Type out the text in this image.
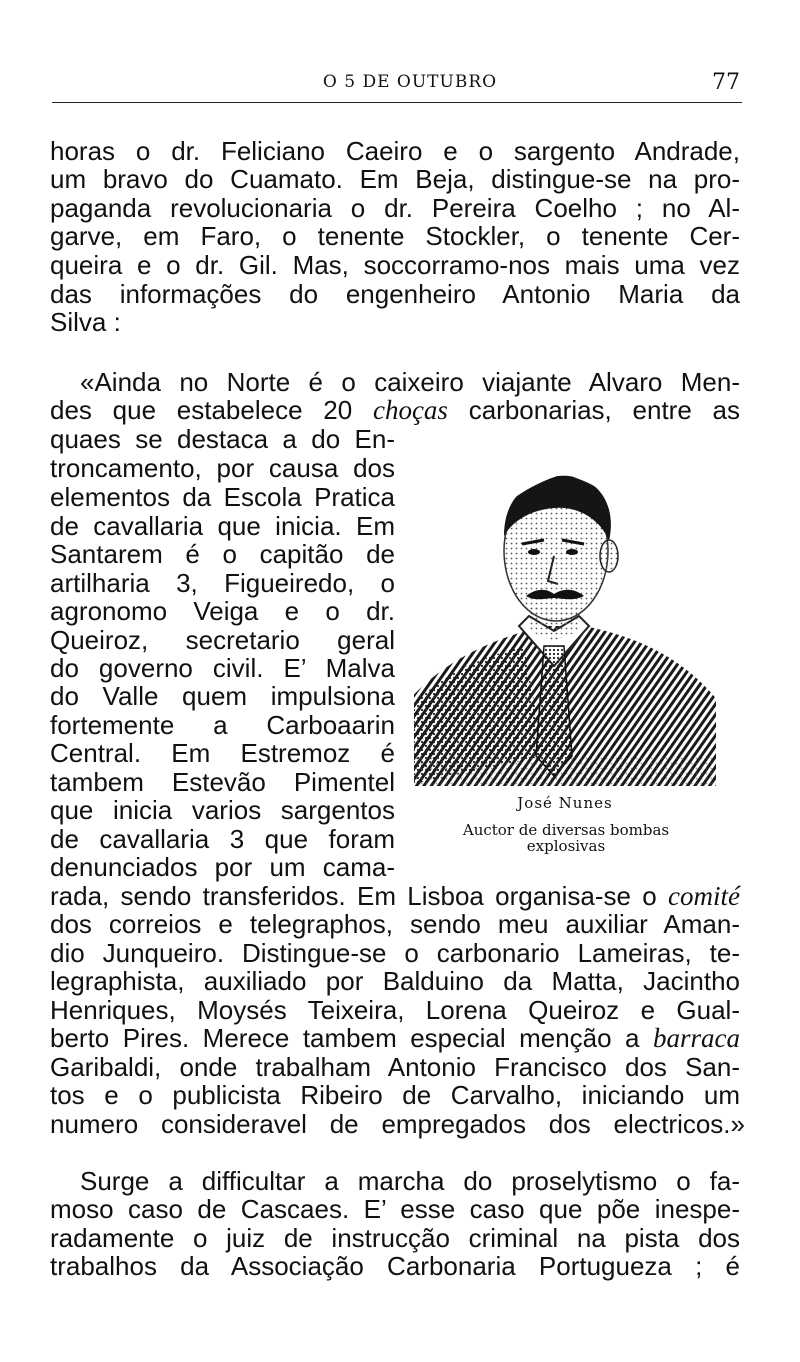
O 5 DE OUTUBRO	77
horas o dr. Feliciano Caeiro e o sargento Andrade,
um bravo do Cuamato. Em Beja, distingue-se na pro-
paganda revolucionaria o dr. Pereira Coelho ; no Al-
garve, em Faro, o tenente Stockler, o tenente Cer-
queira e o dr. Gil. Mas, soccorramo-nos mais uma vez
das informações do engenheiro Antonio Maria da
Silva :
«Ainda no Norte é o caixeiro viajante Alvaro Men-
des que estabelece 20 choças carbonarias, entre as
quaes se destaca a do En-
troncamento, por causa dos
elementos da Escola Pratica
de cavallaria que inicia. Em
Santarem é o capitão de
artilharia 3, Figueiredo, o
agronomo Veiga e o dr.
Queiroz, secretario geral
do governo civil. E’ Malva
do Valle quem impulsiona
fortemente a Carboaarin
Central. Em Estremoz é
tambem Estevão Pimentel
que inicia varios sargentos
de cavallaria 3 que foram
denunciados por um cama-
José Nunes
Auctor de diversas bombas
explosivas
rada, sendo transferidos. Em Lisboa organisa-se o comité
dos correios e telegraphos, sendo meu auxiliar Aman-
dio Junqueiro. Distingue-se o carbonario Lameiras, te-
legraphista, auxiliado por Balduino da Matta, Jacintho
Henriques, Moysés Teixeira, Lorena Queiroz e Gual-
berto Pires. Merece tambem especial menção a barraca
Garibaldi, onde trabalham Antonio Francisco dos San-
tos e o publicista Ribeiro de Carvalho, iniciando um
numero consideravel de empregados dos electricos.»
Surge a difficultar a marcha do proselytismo o fa-
moso caso de Cascaes. E’ esse caso que põe inespe-
radamente o juiz de instrucção criminal na pista dos
trabalhos da Associação Carbonaria Portugueza ; é
